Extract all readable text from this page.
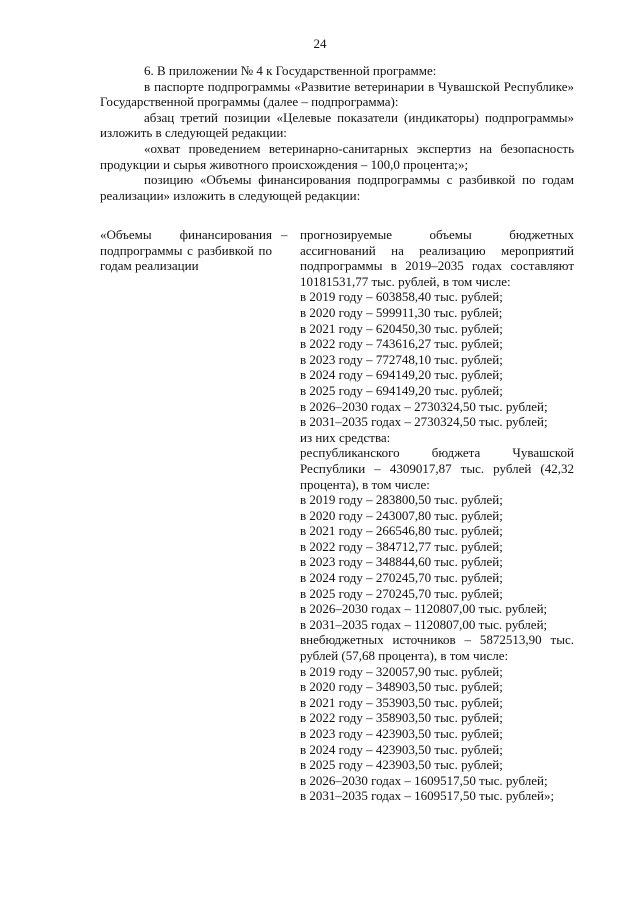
24

6. В приложении № 4 к Государственной программе:

в паспорте подпрограммы «Развитие ветеринарии в Чувашской Республике» Государственной программы (далее – подпрограмма):

абзац третий позиции «Целевые показатели (индикаторы) подпрограммы» изложить в следующей редакции:

«охват проведением ветеринарно-санитарных экспертиз на безопасность продукции и сырья животного происхождения – 100,0 процента;»;

позицию «Объемы финансирования подпрограммы с разбивкой по годам реализации» изложить в следующей редакции:

«Объемы финансирования подпрограммы с разбивкой по годам реализации
– прогнозируемые объемы бюджетных ассигнований на реализацию мероприятий подпрограммы в 2019–2035 годах составляют 10181531,77 тыс. рублей, в том числе:

в 2019 году – 603858,40 тыс. рублей;

в 2020 году – 599911,30 тыс. рублей;

в 2021 году – 620450,30 тыс. рублей;

в 2022 году – 743616,27 тыс. рублей;

в 2023 году – 772748,10 тыс. рублей;

в 2024 году – 694149,20 тыс. рублей;

в 2025 году – 694149,20 тыс. рублей;

в 2026–2030 годах – 2730324,50 тыс. рублей;

в 2031–2035 годах – 2730324,50 тыс. рублей;

из них средства:

республиканского бюджета Чувашской Республики – 4309017,87 тыс. рублей (42,32 процента), в том числе:

в 2019 году – 283800,50 тыс. рублей;

в 2020 году – 243007,80 тыс. рублей;

в 2021 году – 266546,80 тыс. рублей;

в 2022 году – 384712,77 тыс. рублей;

в 2023 году – 348844,60 тыс. рублей;

в 2024 году – 270245,70 тыс. рублей;

в 2025 году – 270245,70 тыс. рублей;

в 2026–2030 годах – 1120807,00 тыс. рублей;

в 2031–2035 годах – 1120807,00 тыс. рублей;

внебюджетных источников – 5872513,90 тыс. рублей (57,68 процента), в том числе:

в 2019 году – 320057,90 тыс. рублей;

в 2020 году – 348903,50 тыс. рублей;

в 2021 году – 353903,50 тыс. рублей;

в 2022 году – 358903,50 тыс. рублей;

в 2023 году – 423903,50 тыс. рублей;

в 2024 году – 423903,50 тыс. рублей;

в 2025 году – 423903,50 тыс. рублей;

в 2026–2030 годах – 1609517,50 тыс. рублей;

в 2031–2035 годах – 1609517,50 тыс. рублей»;
